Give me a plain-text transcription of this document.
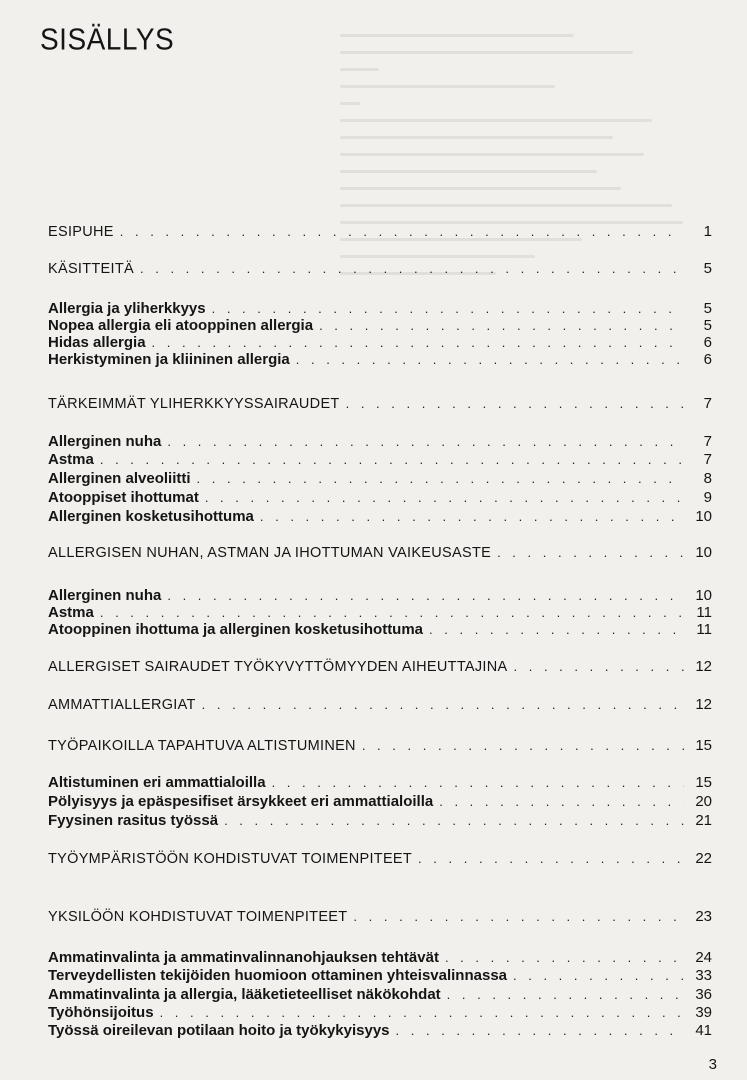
SISÄLLYS
ESIPUHE . . .	1
KÄSITTEITÄ . . .	5
Allergia ja yliherkkyys . . .	5
Nopea allergia eli atooppinen allergia . . .	5
Hidas allergia . . .	6
Herkistyminen ja kliininen allergia . . .	6
TÄRKEIMMÄT YLIHERKKYYSSAIRAUDET . . .	7
Allerginen nuha . . .	7
Astma . . .	7
Allerginen alveoliitti . . .	8
Atooppiset ihottumat . . .	9
Allerginen kosketusihottuma . . .	10
ALLERGISEN NUHAN, ASTMAN JA IHOTTUMAN VAIKEUSASTE . . .	10
Allerginen nuha . . .	10
Astma . . .	11
Atooppinen ihottuma ja allerginen kosketusihottuma . . .	11
ALLERGISET SAIRAUDET TYÖKYVYTTÖMYYDEN AIHEUTTAJINA . . .	12
AMMATTIALLERGIAT . . .	12
TYÖPAIKOILLA TAPAHTUVA ALTISTUMINEN . . .	15
Altistuminen eri ammattialoilla . . .	15
Pölyisyys ja epäspesifiset ärsykkeet eri ammattialoilla . . .	20
Fyysinen rasitus työssä . . .	21
TYÖYMPÄRISTÖÖN KOHDISTUVAT TOIMENPITEET . . .	22
YKSILÖÖN KOHDISTUVAT TOIMENPITEET . . .	23
Ammatinvalinta ja ammatinvalinnanohjauksen tehtävät . . .	24
Terveydellisten tekijöiden huomioon ottaminen yhteisvalinnassa . . .	33
Ammatinvalinta ja allergia, lääketieteelliset näkökohdat . . .	36
Työhönsijoitus . . .	39
Työssä oireilevan potilaan hoito ja työkykyisyys . . .	41
3
